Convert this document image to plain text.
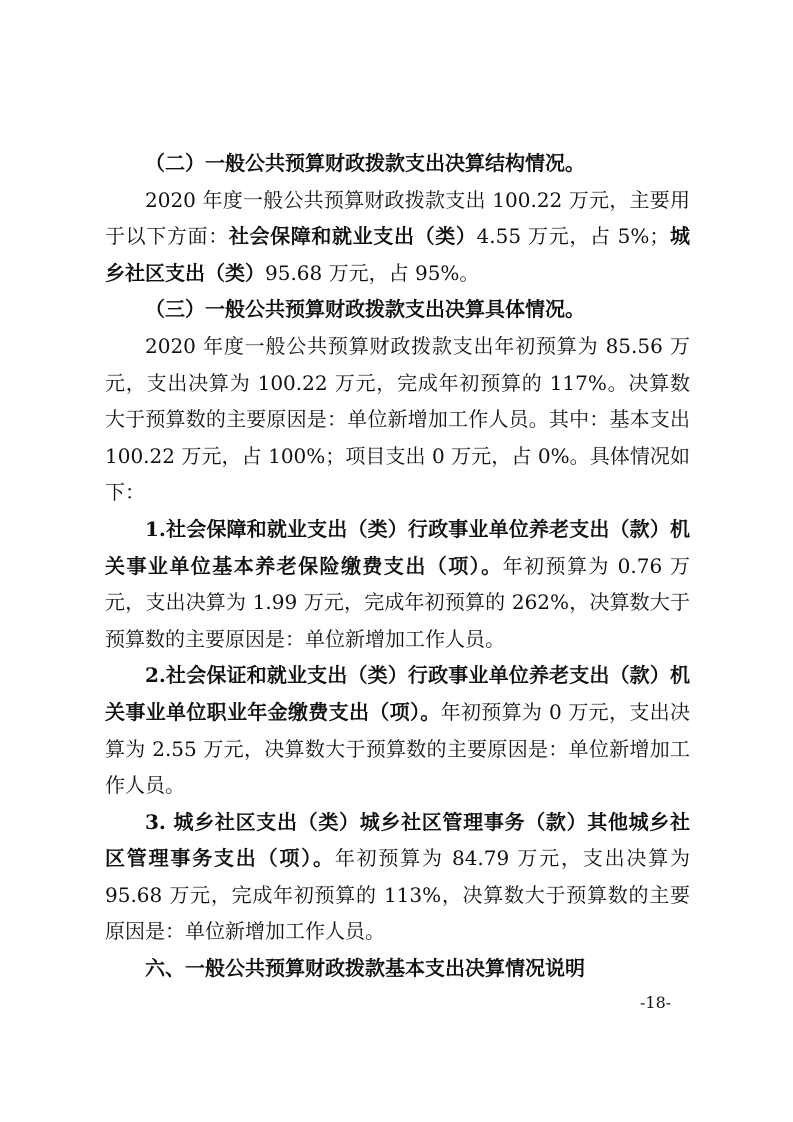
（二）一般公共预算财政拨款支出决算结构情况。

2020 年度一般公共预算财政拨款支出 100.22 万元，主要用于以下方面：社会保障和就业支出（类）4.55 万元，占 5%；城乡社区支出（类）95.68 万元，占 95%。

（三）一般公共预算财政拨款支出决算具体情况。

2020 年度一般公共预算财政拨款支出年初预算为 85.56 万元，支出决算为 100.22 万元，完成年初预算的 117%。决算数大于预算数的主要原因是：单位新增加工作人员。其中：基本支出 100.22 万元，占 100%；项目支出 0 万元，占 0%。具体情况如下：

1.社会保障和就业支出（类）行政事业单位养老支出（款）机关事业单位基本养老保险缴费支出（项）。年初预算为 0.76 万元，支出决算为 1.99 万元，完成年初预算的 262%，决算数大于预算数的主要原因是：单位新增加工作人员。

2.社会保证和就业支出（类）行政事业单位养老支出（款）机关事业单位职业年金缴费支出（项）。年初预算为 0 万元，支出决算为 2.55 万元，决算数大于预算数的主要原因是：单位新增加工作人员。

3. 城乡社区支出（类）城乡社区管理事务（款）其他城乡社区管理事务支出（项）。年初预算为 84.79 万元，支出决算为 95.68 万元，完成年初预算的 113%，决算数大于预算数的主要原因是：单位新增加工作人员。

六、一般公共预算财政拨款基本支出决算情况说明

-18-
